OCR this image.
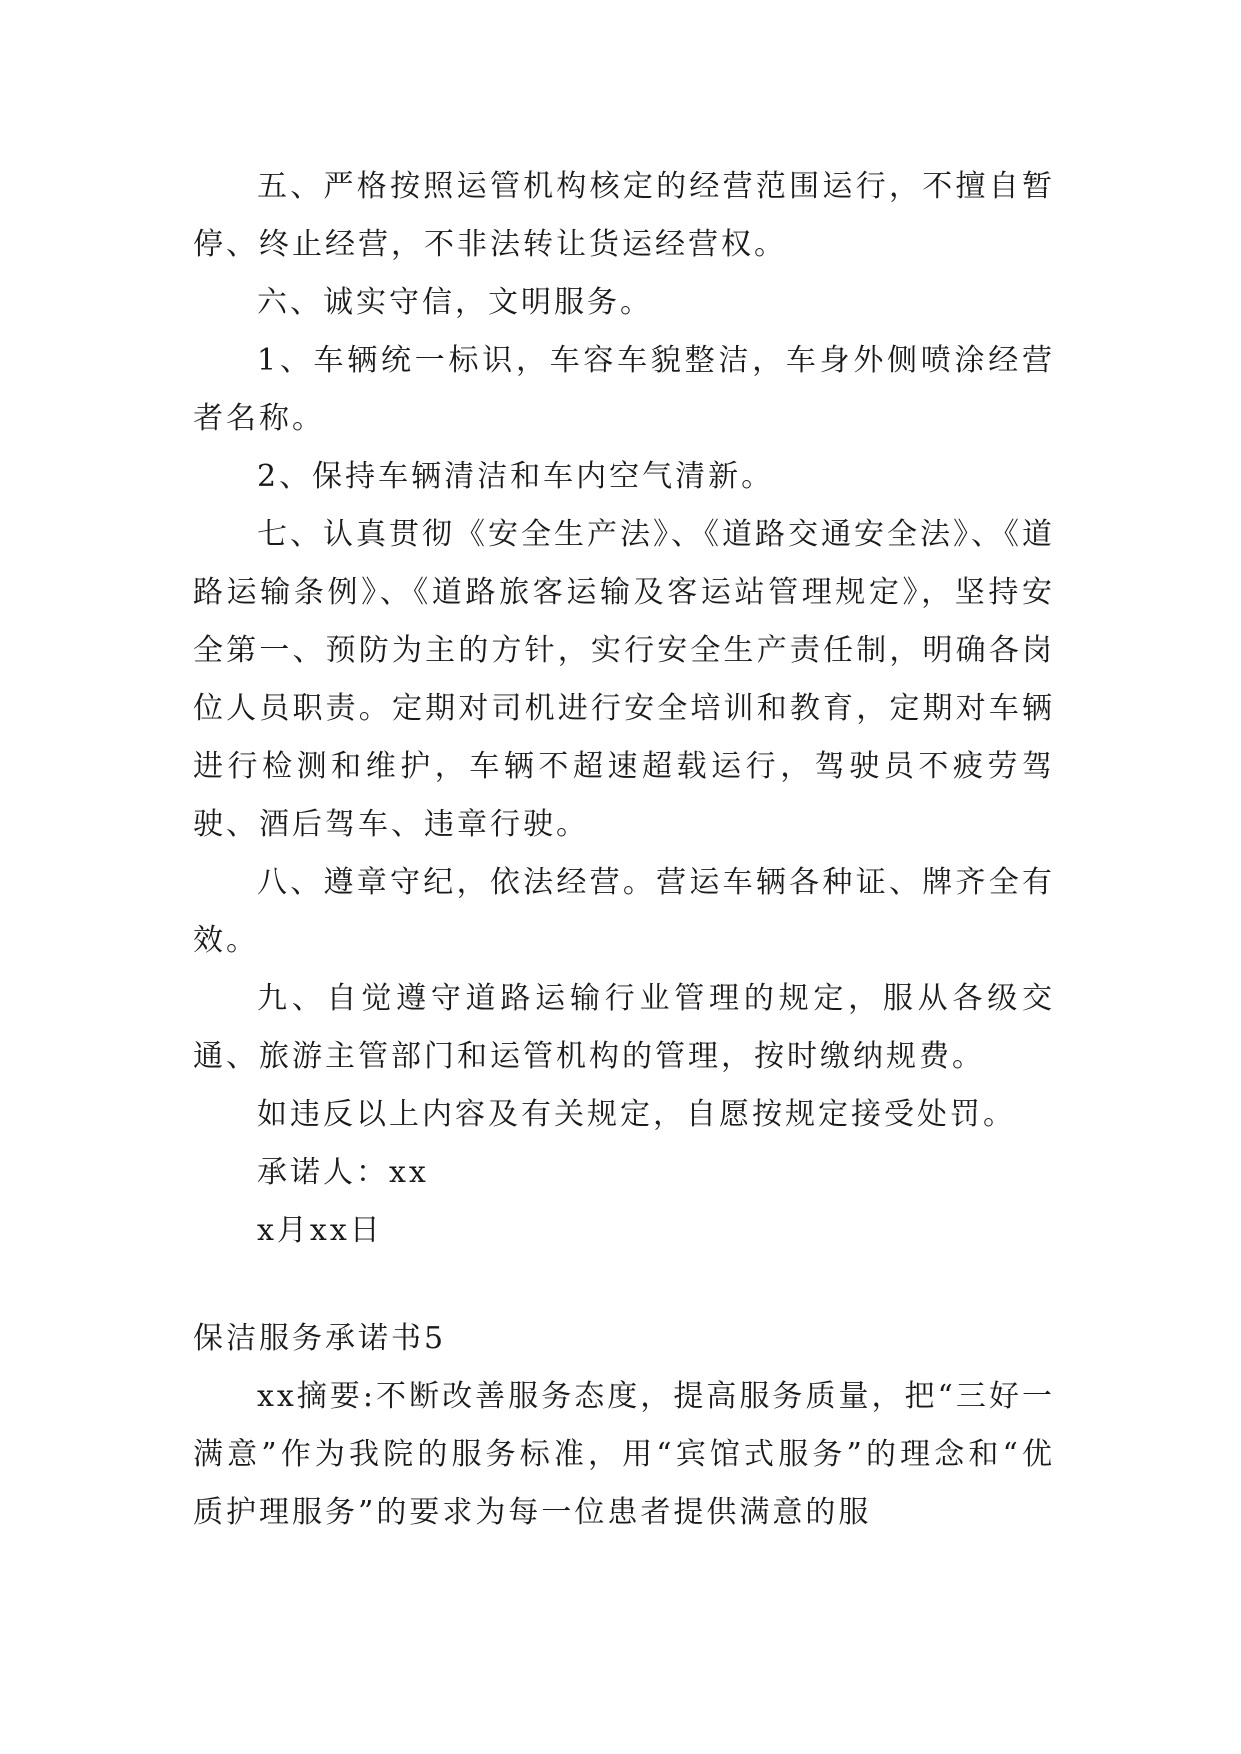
五、严格按照运管机构核定的经营范围运行，不擅自暂停、终止经营，不非法转让货运经营权。

六、诚实守信，文明服务。

1、车辆统一标识，车容车貌整洁，车身外侧喷涂经营者名称。

2、保持车辆清洁和车内空气清新。

七、认真贯彻《安全生产法》、《道路交通安全法》、《道路运输条例》、《道路旅客运输及客运站管理规定》，坚持安全第一、预防为主的方针，实行安全生产责任制，明确各岗位人员职责。定期对司机进行安全培训和教育，定期对车辆进行检测和维护，车辆不超速超载运行，驾驶员不疲劳驾驶、酒后驾车、违章行驶。

八、遵章守纪，依法经营。营运车辆各种证、牌齐全有效。

九、自觉遵守道路运输行业管理的规定，服从各级交通、旅游主管部门和运管机构的管理，按时缴纳规费。

如违反以上内容及有关规定，自愿按规定接受处罚。

承诺人：xx

x月xx日

保洁服务承诺书5

xx摘要:不断改善服务态度，提高服务质量，把“三好一满意”作为我院的服务标准，用“宾馆式服务”的理念和“优质护理服务”的要求为每一位患者提供满意的服
